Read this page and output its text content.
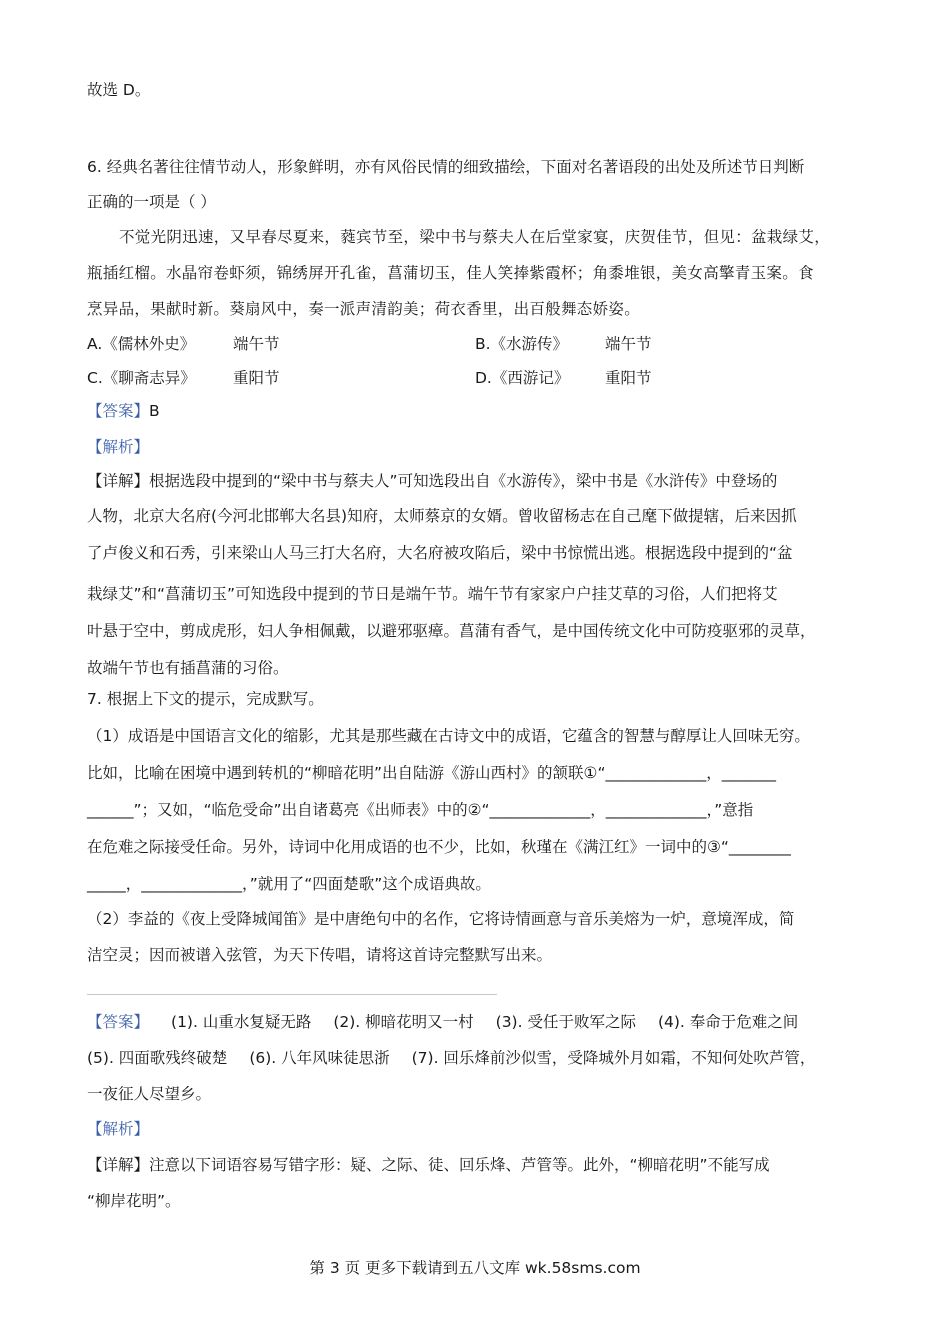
故选 D。
6. 经典名著往往情节动人，形象鲜明，亦有风俗民情的细致描绘，下面对名著语段的出处及所述节日判断
正确的一项是（ ）
不觉光阴迅速，又早春尽夏来，蕤宾节至，梁中书与蔡夫人在后堂家宴，庆贺佳节，但见：盆栽绿艾，
瓶插红榴。水晶帘卷虾须，锦绣屏开孔雀，菖蒲切玉，佳人笑捧紫霞杯；角黍堆银，美女高擎青玉案。食
烹异品，果献时新。葵扇风中，奏一派声清韵美；荷衣香里，出百般舞态娇姿。
A.《儒林外史》 端午节	B.《水游传》 端午节
C.《聊斋志异》 重阳节	D.《西游记》 重阳节
【答案】B
【解析】
【详解】根据选段中提到的“梁中书与蔡夫人”可知选段出自《水游传》，梁中书是《水浒传》中登场的
人物，北京大名府(今河北邯郸大名县)知府，太师蔡京的女婿。曾收留杨志在自己麾下做提辖，后来因抓
了卢俊义和石秀，引来梁山人马三打大名府，大名府被攻陷后，梁中书惊慌出逃。根据选段中提到的“盆
栽绿艾”和“菖蒲切玉”可知选段中提到的节日是端午节。端午节有家家户户挂艾草的习俗，人们把将艾
叶悬于空中，剪成虎形，妇人争相佩戴，以避邪驱瘴。菖蒲有香气，是中国传统文化中可防疫驱邪的灵草，
故端午节也有插菖蒲的习俗。
7. 根据上下文的提示，完成默写。
（1）成语是中国语言文化的缩影，尤其是那些藏在古诗文中的成语，它蕴含的智慧与醇厚让人回味无穷。
比如，比喻在困境中遇到转机的“柳暗花明”出自陆游《游山西村》的颔联①“_____________，_______
______”；又如，“临危受命”出自诸葛亮《出师表》中的②“_____________，_____________，”意指
在危难之际接受任命。另外，诗词中化用成语的也不少，比如，秋瑾在《满江红》一词中的③“________
_____，_____________，”就用了“四面楚歌”这个成语典故。
（2）李益的《夜上受降城闻笛》是中唐绝句中的名作，它将诗情画意与音乐美熔为一炉，意境浑成，简
洁空灵；因而被谱入弦管，为天下传唱，请将这首诗完整默写出来。
【答案】 (1). 山重水复疑无路 (2). 柳暗花明又一村 (3). 受任于败军之际 (4). 奉命于危难之间
(5). 四面歌残终破楚 (6). 八年风味徒思浙 (7). 回乐烽前沙似雪，受降城外月如霜，不知何处吹芦管，
一夜征人尽望乡。
【解析】
【详解】注意以下词语容易写错字形：疑、之际、徒、回乐烽、芦管等。此外，“柳暗花明”不能写成
“柳岸花明”。
第 3 页 更多下载请到五八文库 wk.58sms.com
